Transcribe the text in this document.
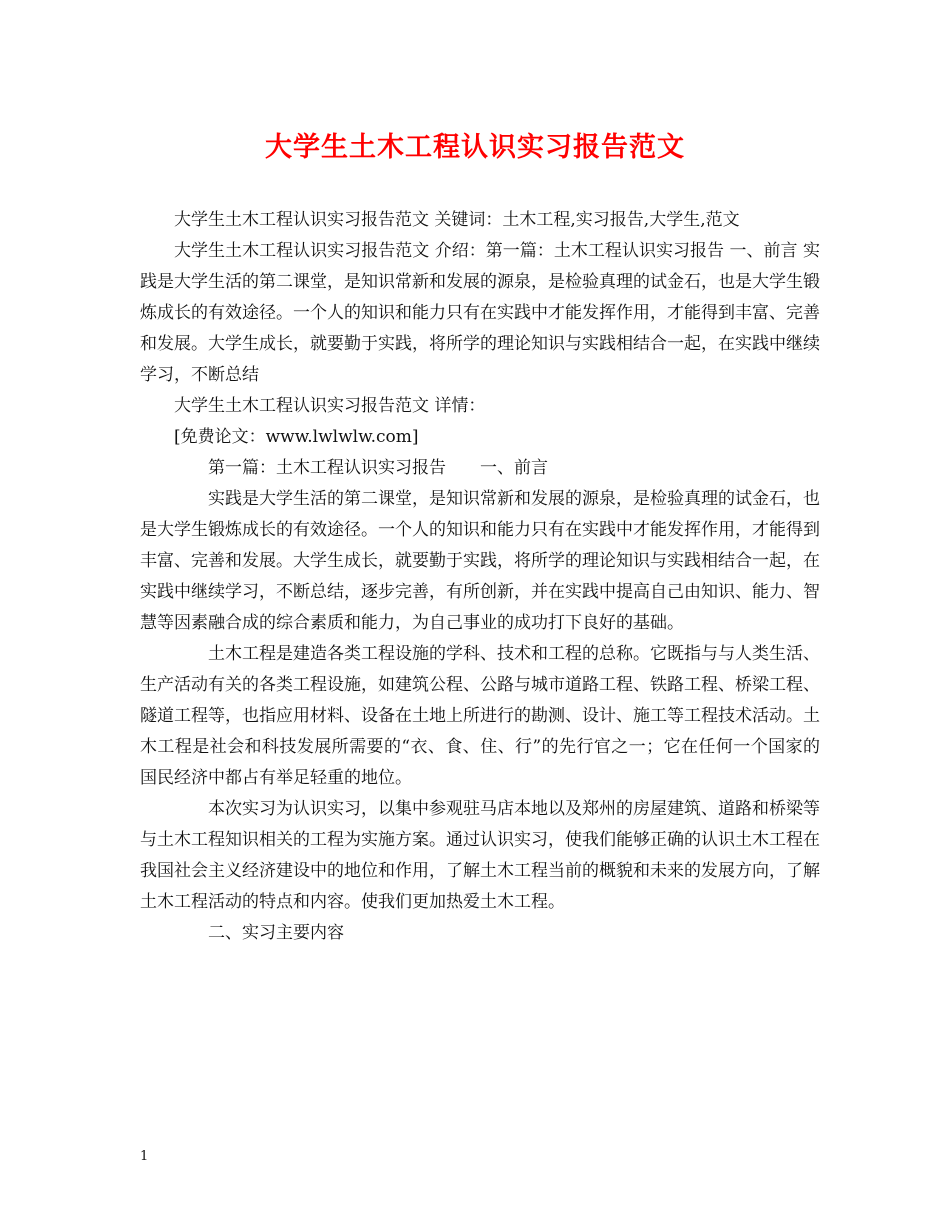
大学生土木工程认识实习报告范文

大学生土木工程认识实习报告范文 关键词：土木工程,实习报告,大学生,范文

大学生土木工程认识实习报告范文 介绍：第一篇：土木工程认识实习报告 一、前言 实践是大学生活的第二课堂，是知识常新和发展的源泉，是检验真理的试金石，也是大学生锻炼成长的有效途径。一个人的知识和能力只有在实践中才能发挥作用，才能得到丰富、完善和发展。大学生成长，就要勤于实践，将所学的理论知识与实践相结合一起，在实践中继续学习，不断总结

大学生土木工程认识实习报告范文 详情：

[免费论文：www.lwlwlw.com]

第一篇：土木工程认识实习报告　　一、前言

实践是大学生活的第二课堂，是知识常新和发展的源泉，是检验真理的试金石，也是大学生锻炼成长的有效途径。一个人的知识和能力只有在实践中才能发挥作用，才能得到丰富、完善和发展。大学生成长，就要勤于实践，将所学的理论知识与实践相结合一起，在实践中继续学习，不断总结，逐步完善，有所创新，并在实践中提高自己由知识、能力、智慧等因素融合成的综合素质和能力，为自己事业的成功打下良好的基础。

土木工程是建造各类工程设施的学科、技术和工程的总称。它既指与与人类生活、生产活动有关的各类工程设施，如建筑公程、公路与城市道路工程、铁路工程、桥梁工程、隧道工程等，也指应用材料、设备在土地上所进行的勘测、设计、施工等工程技术活动。土木工程是社会和科技发展所需要的“衣、食、住、行”的先行官之一；它在任何一个国家的国民经济中都占有举足轻重的地位。

本次实习为认识实习，以集中参观驻马店本地以及郑州的房屋建筑、道路和桥梁等与土木工程知识相关的工程为实施方案。通过认识实习，使我们能够正确的认识土木工程在我国社会主义经济建设中的地位和作用，了解土木工程当前的概貌和未来的发展方向，了解土木工程活动的特点和内容。使我们更加热爱土木工程。

二、实习主要内容

1
